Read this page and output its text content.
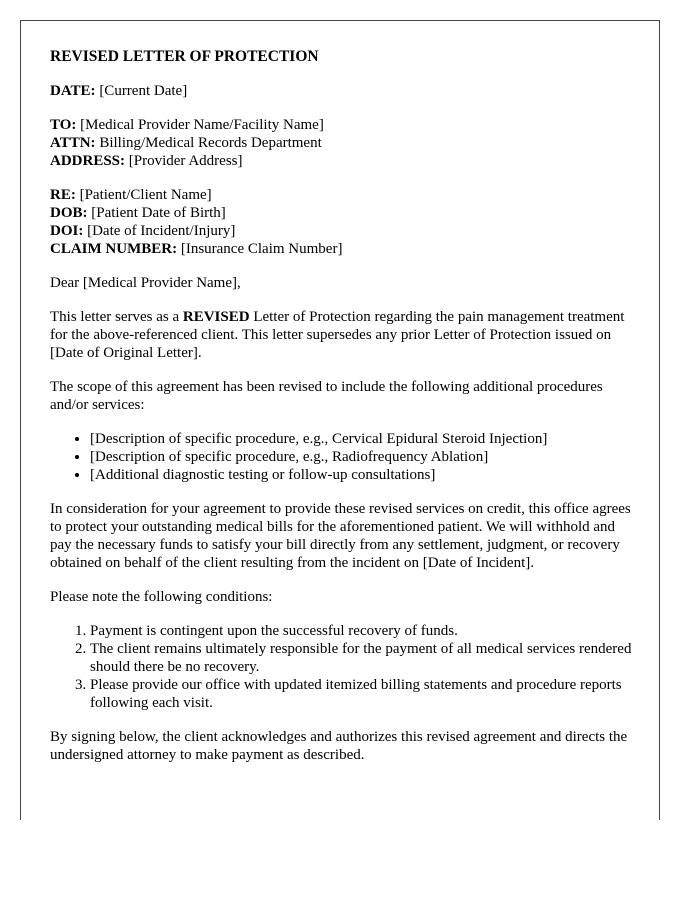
REVISED LETTER OF PROTECTION

DATE: [Current Date]

TO: [Medical Provider Name/Facility Name]
ATTN: Billing/Medical Records Department
ADDRESS: [Provider Address]

RE: [Patient/Client Name]
DOB: [Patient Date of Birth]
DOI: [Date of Incident/Injury]
CLAIM NUMBER: [Insurance Claim Number]

Dear [Medical Provider Name],

This letter serves as a REVISED Letter of Protection regarding the pain management treatment for the above-referenced client. This letter supersedes any prior Letter of Protection issued on [Date of Original Letter].

The scope of this agreement has been revised to include the following additional procedures and/or services:

• [Description of specific procedure, e.g., Cervical Epidural Steroid Injection]
• [Description of specific procedure, e.g., Radiofrequency Ablation]
• [Additional diagnostic testing or follow-up consultations]

In consideration for your agreement to provide these revised services on credit, this office agrees to protect your outstanding medical bills for the aforementioned patient. We will withhold and pay the necessary funds to satisfy your bill directly from any settlement, judgment, or recovery obtained on behalf of the client resulting from the incident on [Date of Incident].

Please note the following conditions:

1. Payment is contingent upon the successful recovery of funds.
2. The client remains ultimately responsible for the payment of all medical services rendered should there be no recovery.
3. Please provide our office with updated itemized billing statements and procedure reports following each visit.

By signing below, the client acknowledges and authorizes this revised agreement and directs the undersigned attorney to make payment as described.
